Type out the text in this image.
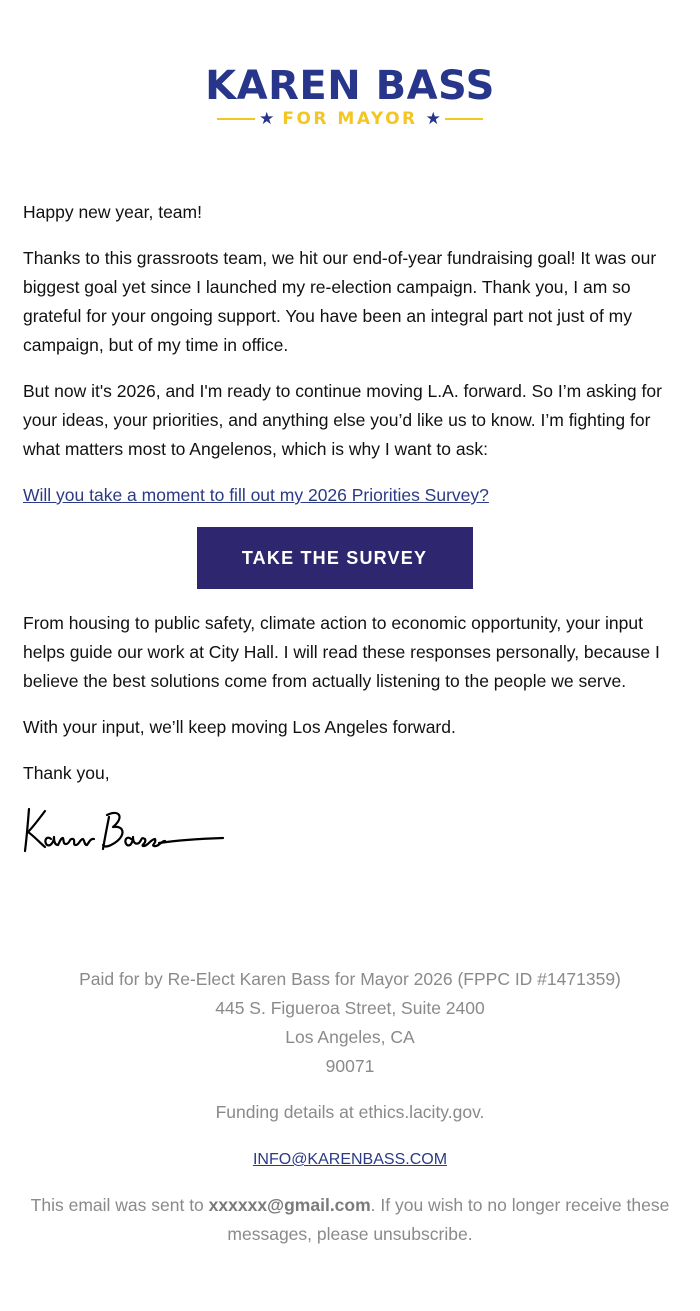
KAREN BASS
★ FOR MAYOR ★

Happy new year, team!

Thanks to this grassroots team, we hit our end-of-year fundraising goal! It was our biggest goal yet since I launched my re-election campaign. Thank you, I am so grateful for your ongoing support. You have been an integral part not just of my campaign, but of my time in office.

But now it's 2026, and I'm ready to continue moving L.A. forward. So I’m asking for your ideas, your priorities, and anything else you’d like us to know. I’m fighting for what matters most to Angelenos, which is why I want to ask:

Will you take a moment to fill out my 2026 Priorities Survey?

TAKE THE SURVEY

From housing to public safety, climate action to economic opportunity, your input helps guide our work at City Hall. I will read these responses personally, because I believe the best solutions come from actually listening to the people we serve.

With your input, we’ll keep moving Los Angeles forward.

Thank you,

Paid for by Re-Elect Karen Bass for Mayor 2026 (FPPC ID #1471359)
445 S. Figueroa Street, Suite 2400
Los Angeles, CA
90071
Funding details at ethics.lacity.gov.
INFO@KARENBASS.COM
This email was sent to xxxxxx@gmail.com. If you wish to no longer receive these messages, please unsubscribe.
